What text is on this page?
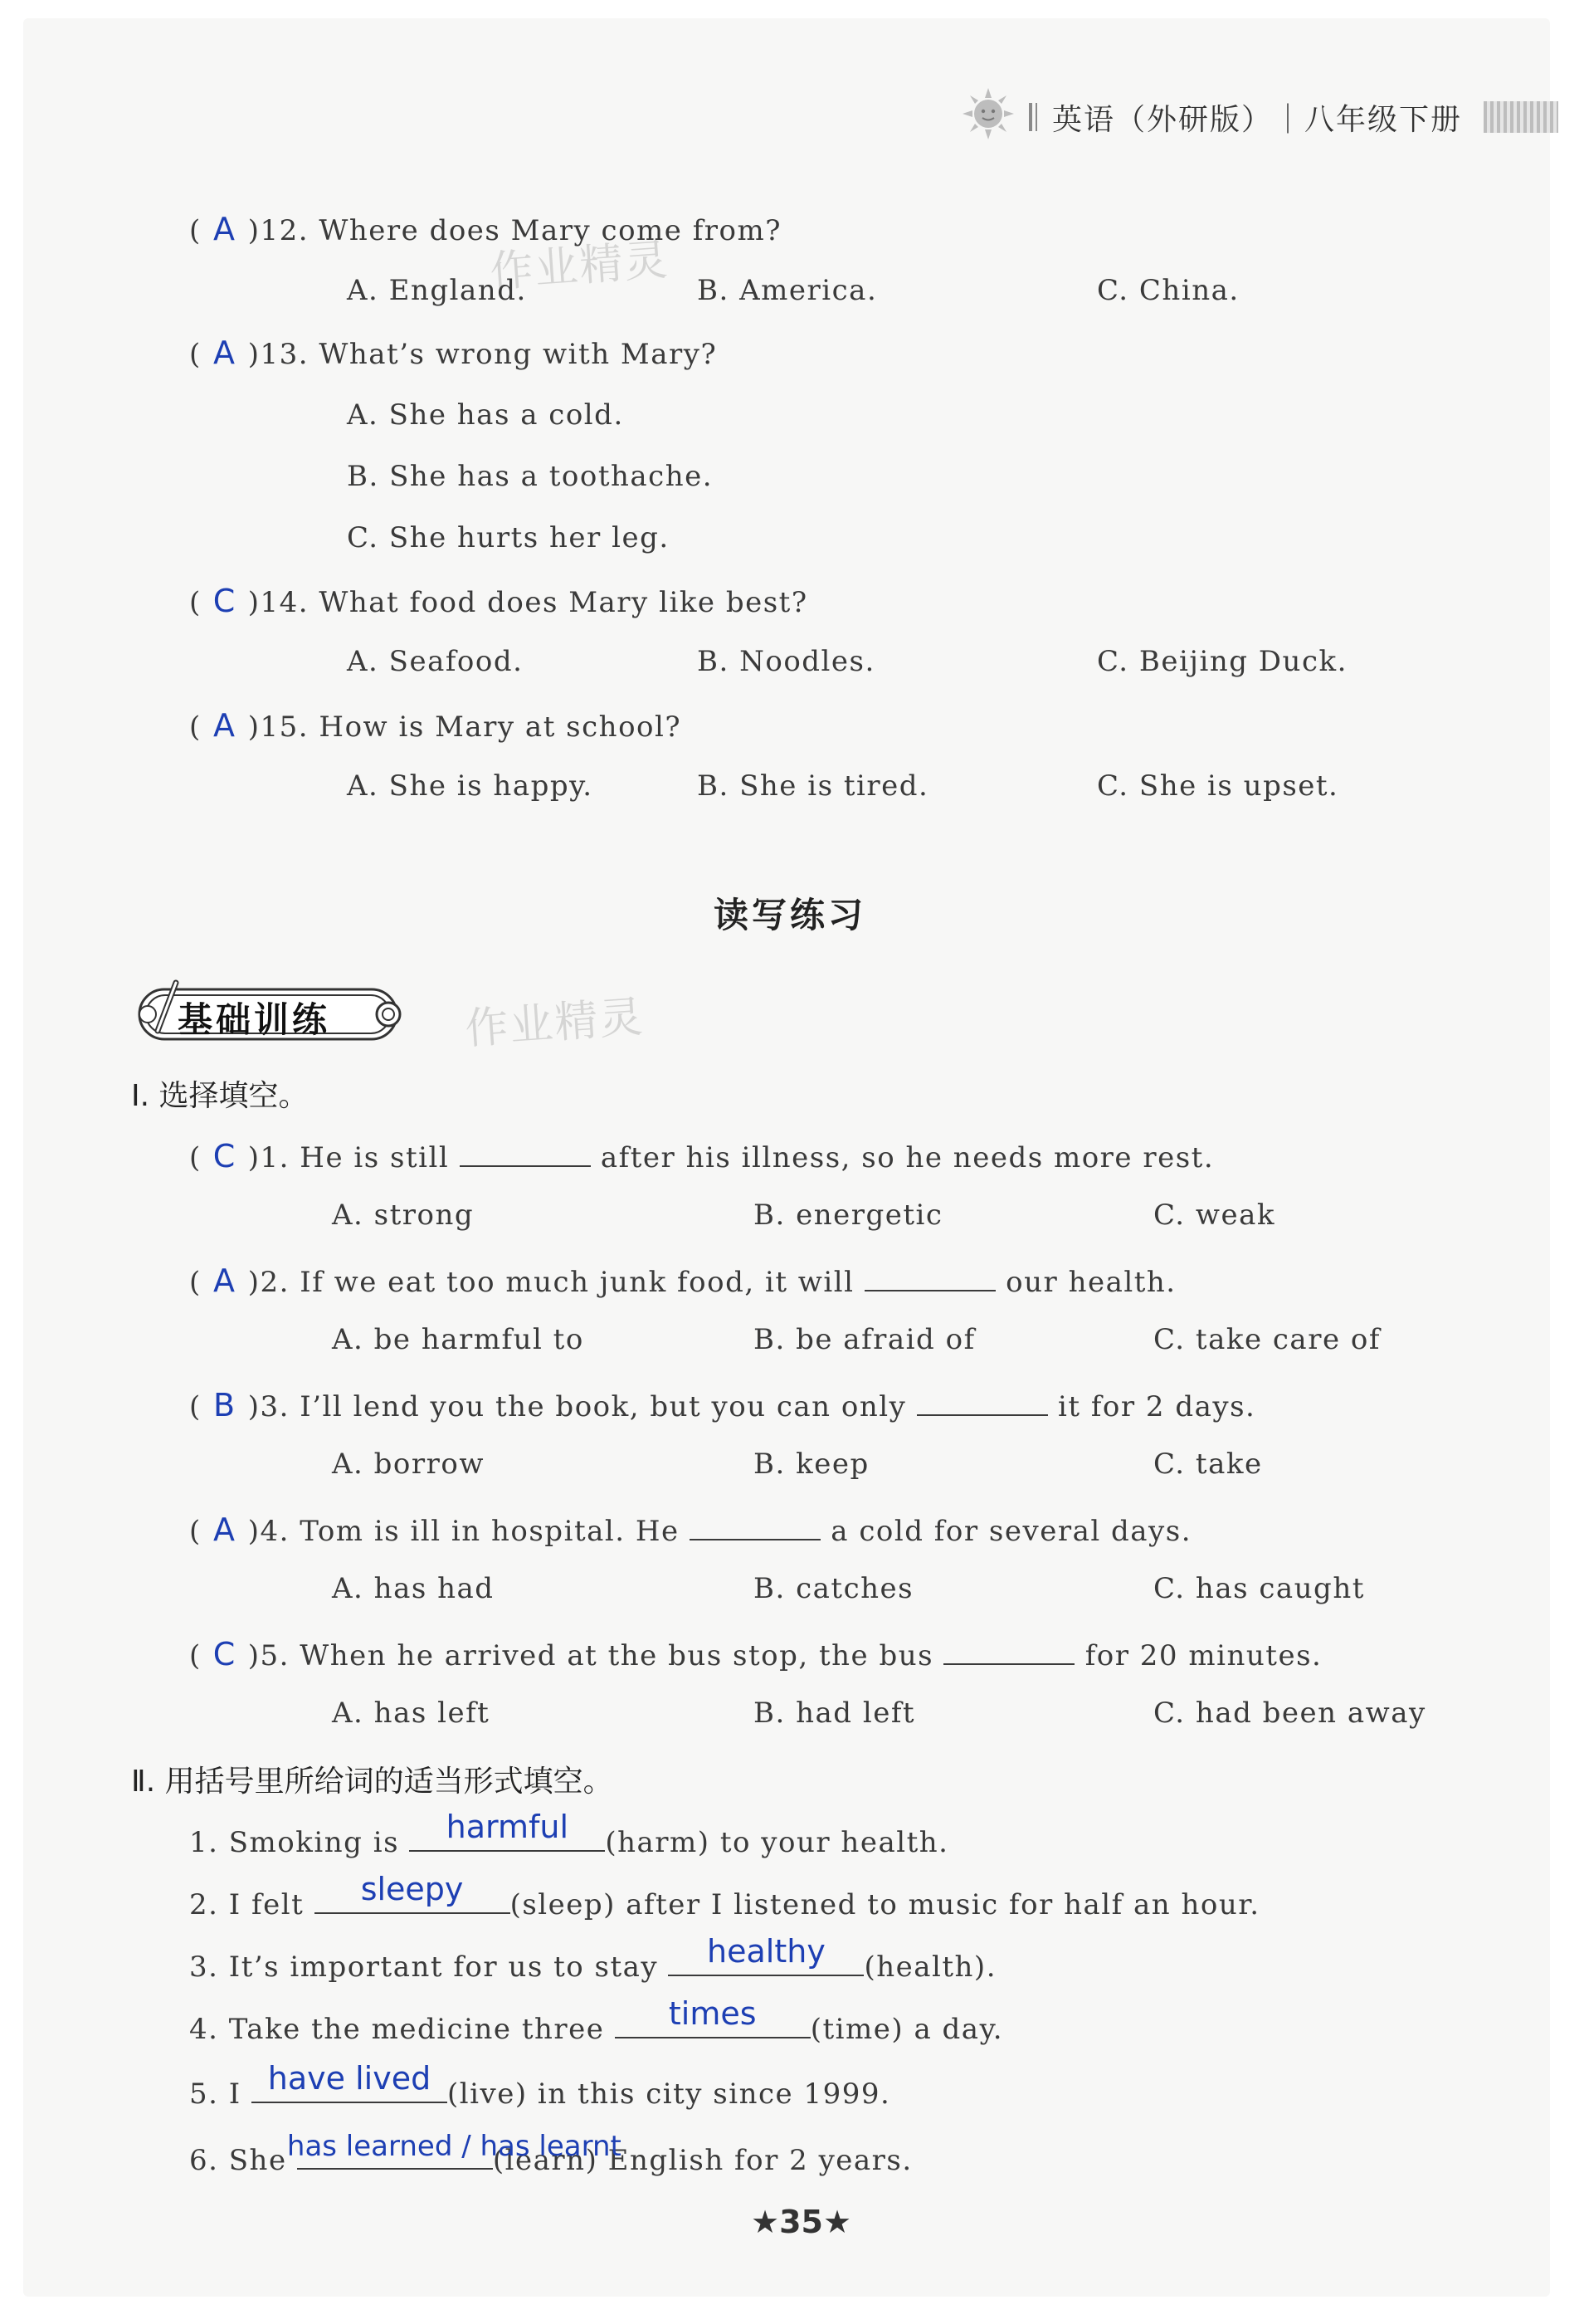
英语（外研版）｜八年级下册
作业精灵
作业精灵
( A )12. Where does Mary come from?
A. England.	B. America.	C. China.
( A )13. What’s wrong with Mary?
A. She has a cold.
B. She has a toothache.
C. She hurts her leg.
( C )14. What food does Mary like best?
A. Seafood.	B. Noodles.	C. Beijing Duck.
( A )15. How is Mary at school?
A. She is happy.	B. She is tired.	C. She is upset.
读写练习
基础训练
Ⅰ. 选择填空。
( C )1. He is still	after his illness, so he needs more rest.
A. strong	B. energetic	C. weak
( A )2. If we eat too much junk food, it will	our health.
A. be harmful to	B. be afraid of	C. take care of
( B )3. I’ll lend you the book, but you can only	it for 2 days.
A. borrow	B. keep	C. take
( A )4. Tom is ill in hospital. He	a cold for several days.
A. has had	B. catches	C. has caught
( C )5. When he arrived at the bus stop, the bus	for 20 minutes.
A. has left	B. had left	C. had been away
Ⅱ. 用括号里所给词的适当形式填空。
1. Smoking is	harmful	(harm) to your health.
2. I felt	sleepy	(sleep) after I listened to music for half an hour.
3. It’s important for us to stay	healthy	(health).
4. Take the medicine three	times	(time) a day.
5. I have lived (live) in this city since 1999.
6. She has learned / has learnt
(learn) English for 2 years.
★35★
